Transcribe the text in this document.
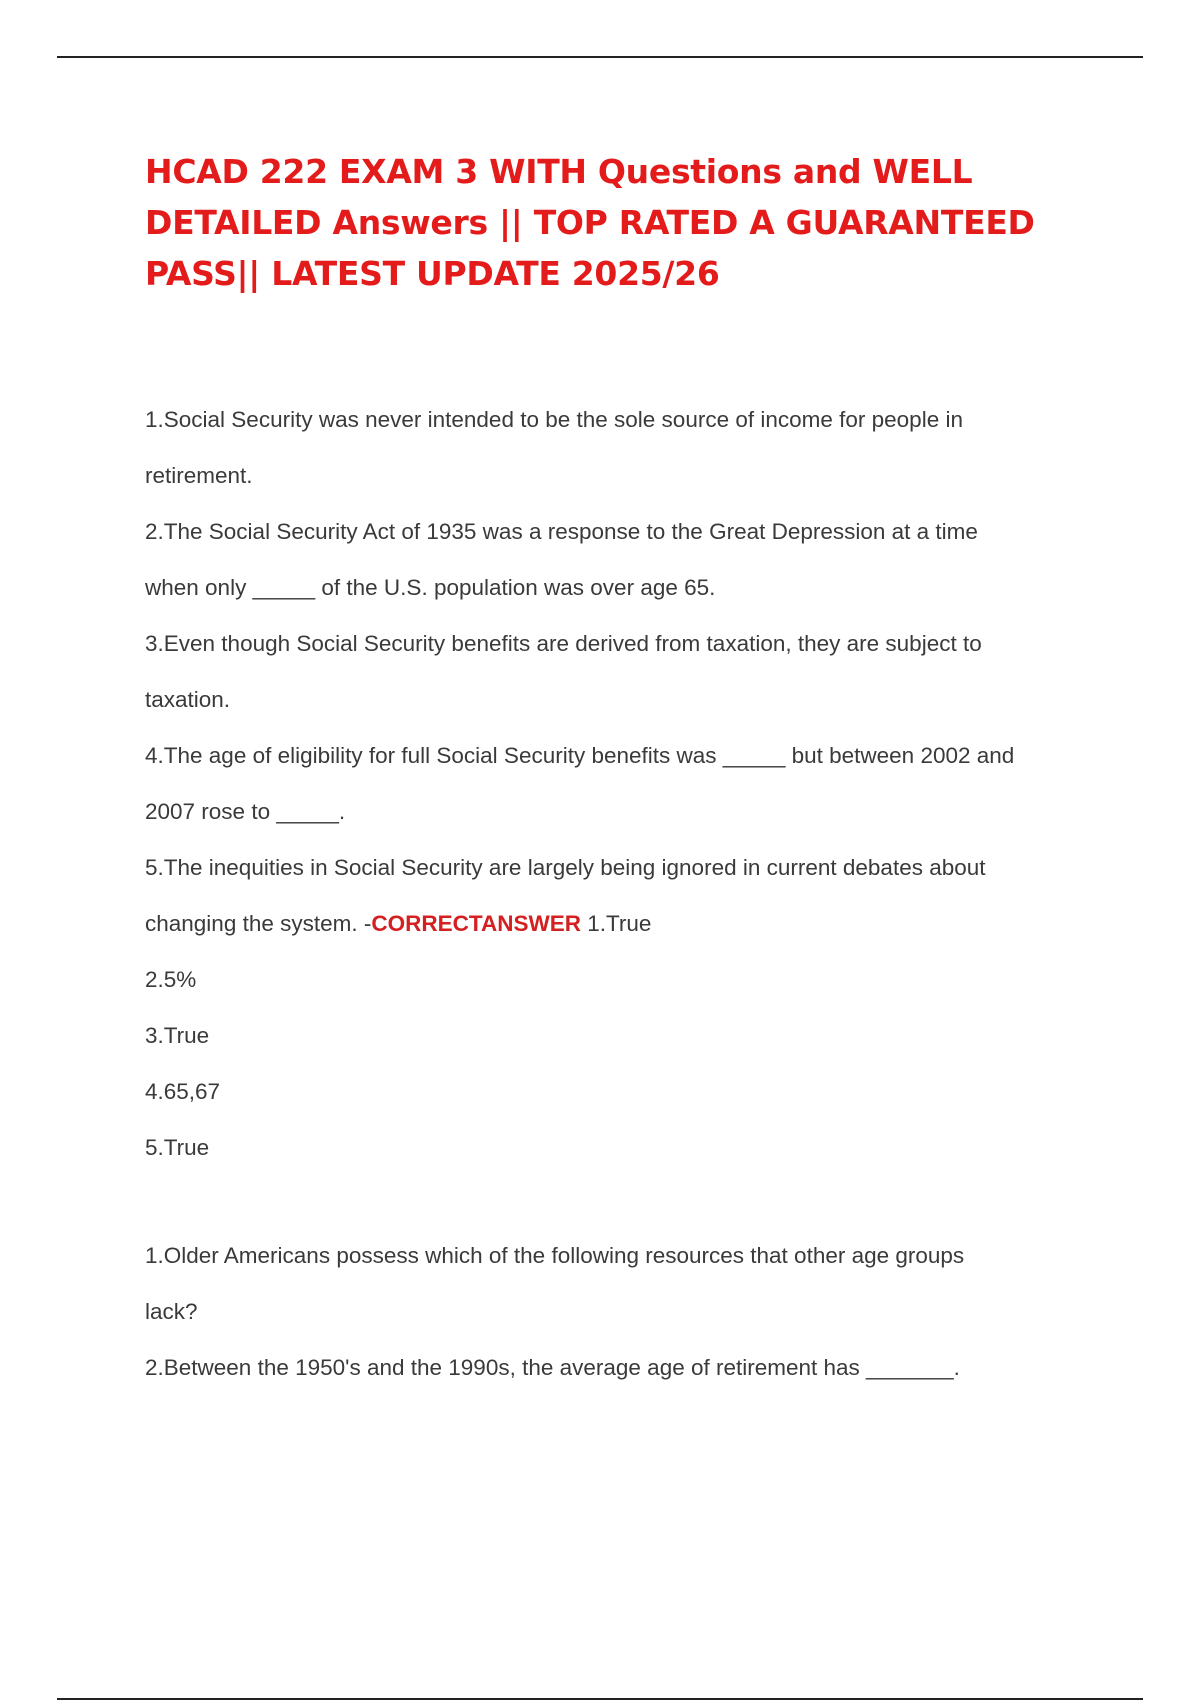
HCAD 222 EXAM 3 WITH Questions and WELL
DETAILED Answers || TOP RATED A GUARANTEED
PASS|| LATEST UPDATE 2025/26
1.Social Security was never intended to be the sole source of income for people in
retirement.
2.The Social Security Act of 1935 was a response to the Great Depression at a time
when only _____ of the U.S. population was over age 65.
3.Even though Social Security benefits are derived from taxation, they are subject to
taxation.
4.The age of eligibility for full Social Security benefits was _____ but between 2002 and
2007 rose to _____.
5.The inequities in Social Security are largely being ignored in current debates about
changing the system. -CORRECTANSWER 1.True
2.5%
3.True
4.65,67
5.True
1.Older Americans possess which of the following resources that other age groups
lack?
2.Between the 1950's and the 1990s, the average age of retirement has _______.
